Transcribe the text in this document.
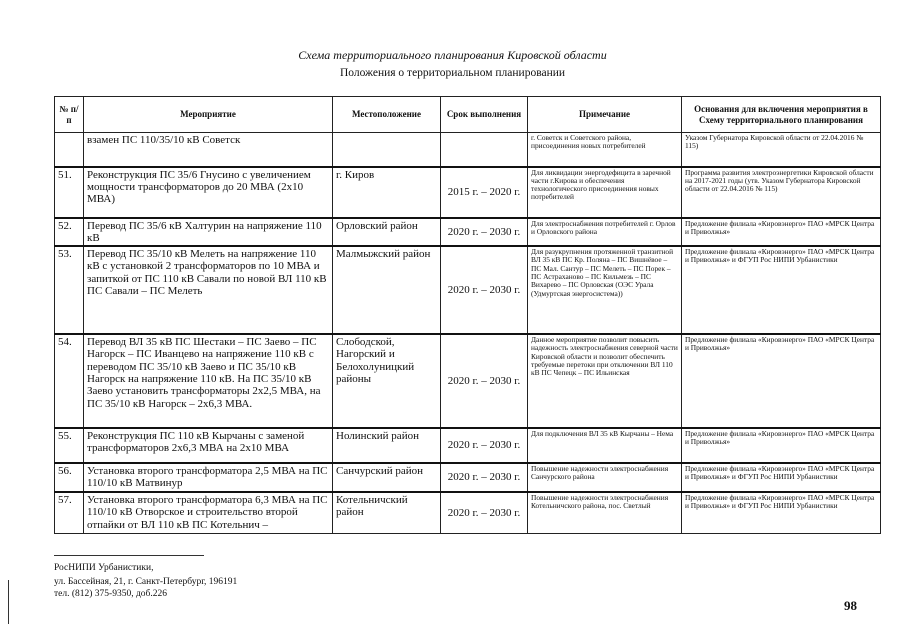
Схема территориального планирования Кировской области
Положения о территориальном планировании
№ п/п	Мероприятие	Местоположение	Срок выполнения	Примечание	Основания для включения мероприятия в Схему территориального планирования
	взамен ПС 110/35/10 кВ Советск			г. Советск и Советского района, присоединения новых потребителей	Указом Губернатора Кировской области от 22.04.2016 № 115)
51.	Реконструкция ПС 35/6 Гнусино с увеличением мощности трансформаторов до 20 МВА (2х10 МВА)	г. Киров	2015 г. – 2020 г.	Для ликвидации энергодефицита в заречной части г.Кирова и обеспечения технологического присоединения новых потребителей	Программа развития электроэнергетики Кировской области на 2017-2021 годы (утв. Указом Губернатора Кировской области от 22.04.2016 № 115)
52.	Перевод ПС 35/6 кВ Халтурин на напряжение 110 кВ	Орловский район	2020 г. – 2030 г.	Для электроснабжения потребителей г. Орлов и Орловского района	Предложение филиала «Кировэнерго» ПАО «МРСК Центра и Приволжья»
53.	Перевод ПС 35/10 кВ Мелеть на напряжение 110 кВ с установкой 2 трансформаторов по 10 МВА и запиткой от ПС 110 кВ Савали по новой ВЛ 110 кВ ПС Савали – ПС Мелеть	Малмыжский район	2020 г. – 2030 г.	Для разукрупнения протяженной транзитной ВЛ 35 кВ ПС Кр. Поляна – ПС Вишнёвое – ПС Мал. Сантур – ПС Мелеть – ПС Порек – ПС Астраханово – ПС Кильмезь – ПС Вихарево – ПС Орловская (ОЭС Урала (Удмуртская энергосистема))	Предложение филиала «Кировэнерго» ПАО «МРСК Центра и Приволжья» и ФГУП Рос НИПИ Урбанистики
54.	Перевод ВЛ 35 кВ ПС Шестаки – ПС Заево – ПС Нагорск – ПС Иванцево на напряжение 110 кВ с переводом ПС 35/10 кВ Заево и ПС 35/10 кВ Нагорск на напряжение 110 кВ. На ПС 35/10 кВ Заево установить трансформаторы 2х2,5 МВА, на ПС 35/10 кВ Нагорск – 2х6,3 МВА.	Слободской, Нагорский и Белохолуницкий районы	2020 г. – 2030 г.	Данное мероприятие позволит повысить надежность электроснабжения северной части Кировской области и позволит обеспечить требуемые перетоки при отключении ВЛ 110 кВ ПС Чепецк – ПС Ильинская	Предложение филиала «Кировэнерго» ПАО «МРСК Центра и Приволжья»
55.	Реконструкция ПС 110 кВ Кырчаны с заменой трансформаторов 2х6,3 МВА на 2х10 МВА	Нолинский район	2020 г. – 2030 г.	Для подключения ВЛ 35 кВ Кырчаны – Нема	Предложение филиала «Кировэнерго» ПАО «МРСК Центра и Приволжья»
56.	Установка второго трансформатора 2,5 МВА на ПС 110/10 кВ Матвинур	Санчурский район	2020 г. – 2030 г.	Повышение надежности электроснабжения Санчурского района	Предложение филиала «Кировэнерго» ПАО «МРСК Центра и Приволжья» и ФГУП Рос НИПИ Урбанистики
57.	Установка второго трансформатора 6,3 МВА на ПС 110/10 кВ Отворское и строительство второй отпайки от ВЛ 110 кВ ПС Котельнич –	Котельничский район	2020 г. – 2030 г.	Повышение надежности электроснабжения Котельничского района, пос. Светлый	Предложение филиала «Кировэнерго» ПАО «МРСК Центра и Приволжья» и ФГУП Рос НИПИ Урбанистики
РосНИПИ Урбанистики,
ул. Бассейная, 21, г. Санкт-Петербург, 196191
тел. (812) 375-9350, доб.226
98
